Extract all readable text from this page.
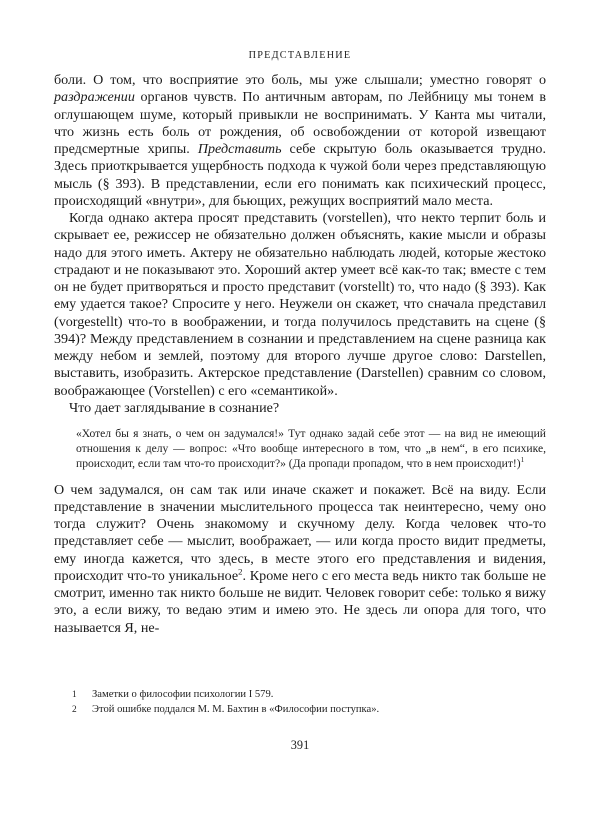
ПРЕДСТАВЛЕНИЕ

боли. О том, что восприятие это боль, мы уже слышали; уместно говорят о раздражении органов чувств. По античным авторам, по Лейбницу мы тонем в оглушающем шуме, который привыкли не воспринимать. У Канта мы читали, что жизнь есть боль от рождения, об освобождении от которой извещают предсмертные хрипы. Представить себе скрытую боль оказывается трудно. Здесь приоткрывается ущербность подхода к чужой боли через представляющую мысль (§ 393). В представлении, если его понимать как психический процесс, происходящий «внутри», для бьющих, режущих восприятий мало места.

Когда однако актера просят представить (vorstellen), что некто терпит боль и скрывает ее, режиссер не обязательно должен объяснять, какие мысли и образы надо для этого иметь. Актеру не обязательно наблюдать людей, которые жестоко страдают и не показывают это. Хороший актер умеет всё как-то так; вместе с тем он не будет притворяться и просто представит (vorstellt) то, что надо (§ 393). Как ему удается такое? Спросите у него. Неужели он скажет, что сначала представил (vorgestellt) что-то в воображении, и тогда получилось представить на сцене (§ 394)? Между представлением в сознании и представлением на сцене разница как между небом и землей, поэтому для второго лучше другое слово: Darstellen, выставить, изобразить. Актерское представление (Darstellen) сравним со словом, воображающее (Vorstellen) с его «семантикой».

Что дает заглядывание в сознание?

«Хотел бы я знать, о чем он задумался!» Тут однако задай себе этот — на вид не имеющий отношения к делу — вопрос: «Что вообще интересного в том, что „в нем“, в его психике, происходит, если там что-то происходит?» (Да пропади пропадом, что в нем происходит!)$^1$

О чем задумался, он сам так или иначе скажет и покажет. Всё на виду. Если представление в значении мыслительного процесса так неинтересно, чему оно тогда служит? Очень знакомому и скучному делу. Когда человек что-то представляет себе — мыслит, воображает, — или когда просто видит предметы, ему иногда кажется, что здесь, в месте этого его представления и видения, происходит что-то уникальное$^2$. Кроме него с его места ведь никто так больше не смотрит, именно так никто больше не видит. Человек говорит себе: только я вижу это, а если вижу, то ведаю этим и имею это. Не здесь ли опора для того, что называется Я, не-

1	Заметки о философии психологии I 579.
2	Этой ошибке поддался М. М. Бахтин в «Философии поступка».
391
